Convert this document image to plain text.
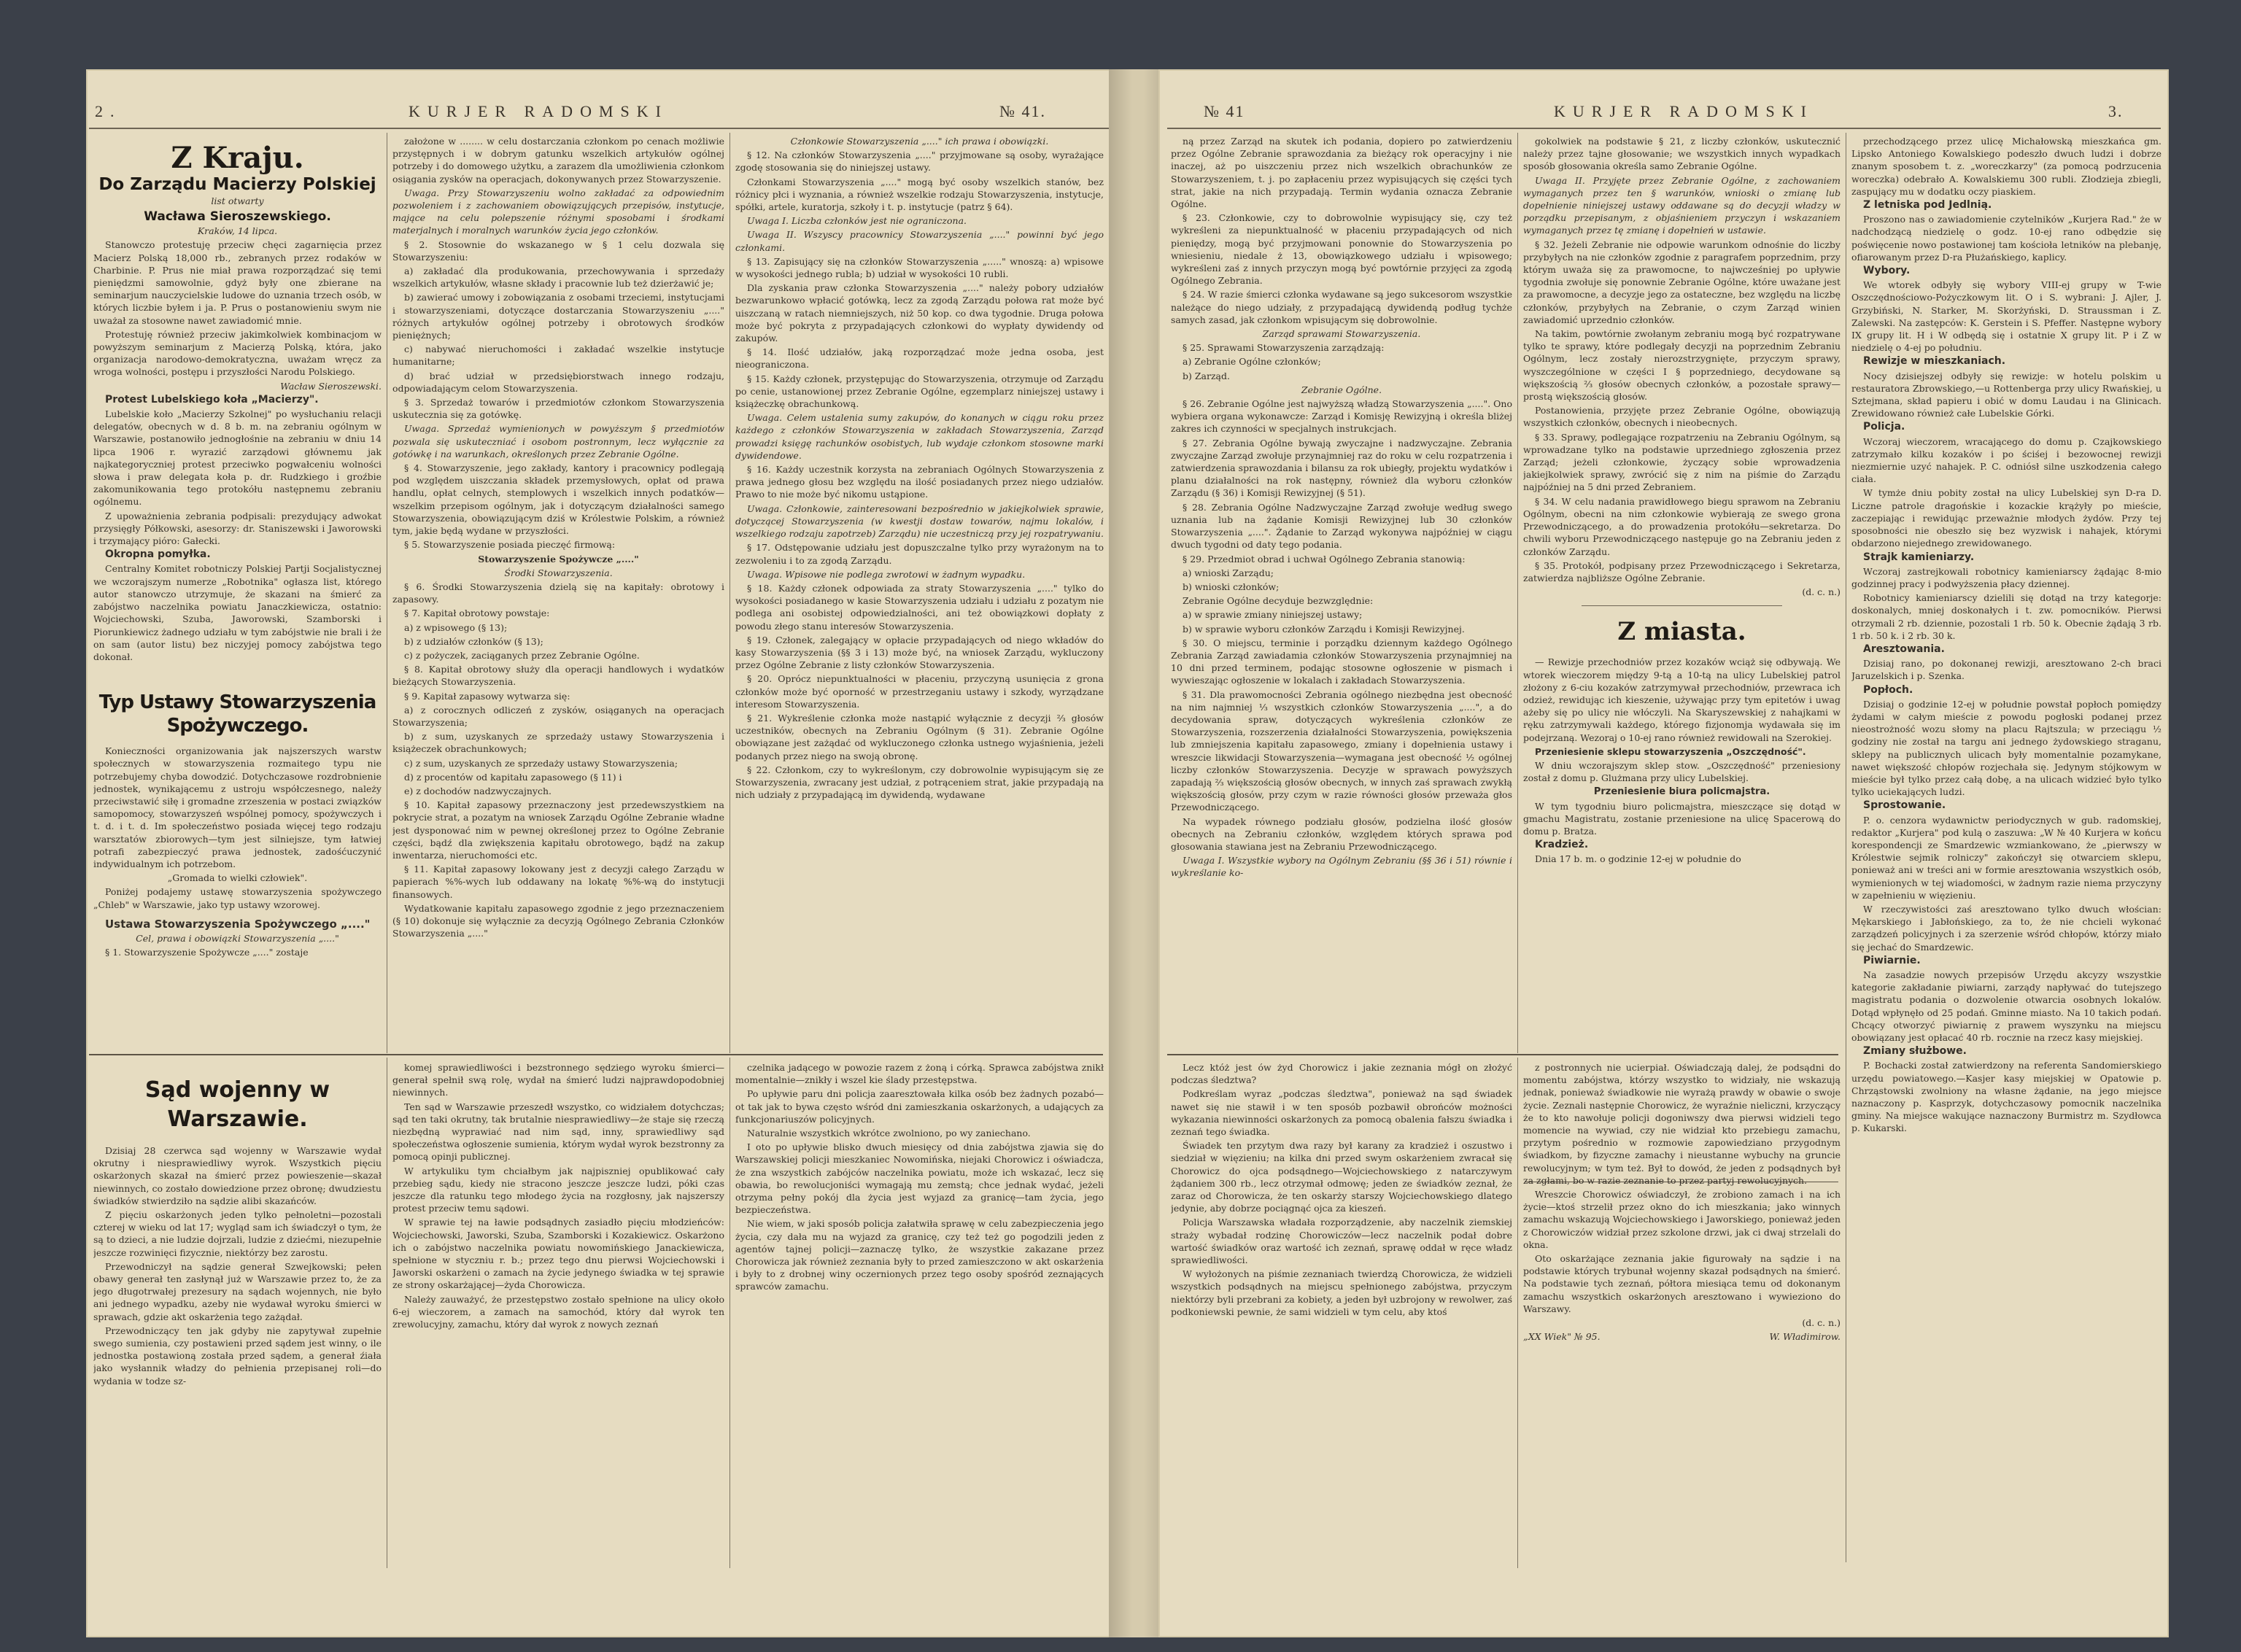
2.	KURJER RADOMSKI	№ 41.	№ 41	KURJER RADOMSKI	3.
Z Kraju.
Do Zarządu Macierzy Polskiej

list otwarty

Wacława Sieroszewskiego.

Kraków, 14 lipca.

Stanowczo protestuję przeciw chęci zagarnięcia przez Macierz Polską 18,000 rb., zebranych przez rodaków w Charbinie. P. Prus nie miał prawa rozporządzać się temi pieniędzmi samowolnie, gdyż były one zbierane na seminarjum nauczycielskie ludowe do uznania trzech osób, w których liczbie byłem i ja. P. Prus o postanowieniu swym nie uważał za stosowne nawet zawiadomić mnie.

Protestuję również przeciw jakimkolwiek kombinacjom w powyższym seminarjum z Macierzą Polską, która, jako organizacja narodowo-demokratyczna, uważam wręcz za wroga wolności, postępu i przyszłości Narodu Polskiego.

Wacław Sieroszewski.

Protest Lubelskiego koła „Macierzy".

Lubelskie koło „Macierzy Szkolnej" po wysłuchaniu relacji delegatów, obecnych w d. 8 b. m. na zebraniu ogólnym w Warszawie, postanowiło jednogłośnie na zebraniu w dniu 14 lipca 1906 r. wyrazić zarządowi głównemu jak najkategoryczniej protest przeciwko pogwałceniu wolności słowa i praw delegata koła p. dr. Rudzkiego i groźbie zakomunikowania tego protokółu następnemu zebraniu ogólnemu.

Z upoważnienia zebrania podpisali: prezydujący adwokat przysięgły Półkowski, asesorzy: dr. Staniszewski i Jaworowski i trzymający pióro: Gałecki.

Okropna pomyłka.

Centralny Komitet robotniczy Polskiej Partji Socjalistycznej we wczorajszym numerze „Robotnika" ogłasza list, którego autor stanowczo utrzymuje, że skazani na śmierć za zabójstwo naczelnika powiatu Janaczkiewicza, ostatnio: Wojciechowski, Szuba, Jaworowski, Szamborski i Piorunkiewicz żadnego udziału w tym zabójstwie nie brali i że on sam (autor listu) bez niczyjej pomocy zabójstwa tego dokonał.

Typ Ustawy Stowarzyszenia Spożywczego.

Konieczności organizowania jak najszerszych warstw społecznych w stowarzyszenia rozmaitego typu nie potrzebujemy chyba dowodzić. Dotychczasowe rozdrobnienie jednostek, wynikającemu z ustroju współczesnego, należy przeciwstawić siłę i gromadne zrzeszenia w postaci związków samopomocy, stowarzyszeń wspólnej pomocy, spożywczych i t. d. i t. d. Im społeczeństwo posiada więcej tego rodzaju warsztatów zbiorowych—tym jest silniejsze, tym łatwiej potrafi zabezpieczyć prawa jednostek, zadośćuczynić indywidualnym ich potrzebom.

„Gromada to wielki człowiek".

Poniżej podajemy ustawę stowarzyszenia spożywczego „Chleb" w Warszawie, jako typ ustawy wzorowej.

Ustawa Stowarzyszenia Spożywczego „...."

Cel, prawa i obowiązki Stowarzyszenia „...."

§ 1. Stowarzyszenie Spożywcze „...." zostaje

założone w ........ w celu dostarczania członkom po cenach możliwie przystępnych i w dobrym gatunku wszelkich artykułów ogólnej potrzeby i do domowego użytku, a zarazem dla umożliwienia członkom osiągania zysków na operacjach, dokonywanych przez Stowarzyszenie.

Uwaga. Przy Stowarzyszeniu wolno zakładać za odpowiednim pozwoleniem i z zachowaniem obowiązujących przepisów, instytucje, mające na celu polepszenie różnymi sposobami i środkami materjalnych i moralnych warunków życia jego członków.

§ 2. Stosownie do wskazanego w § 1 celu dozwala się Stowarzyszeniu:

a) zakładać dla produkowania, przechowywania i sprzedaży wszelkich artykułów, własne składy i pracownie lub też dzierżawić je;

b) zawierać umowy i zobowiązania z osobami trzeciemi, instytucjami i stowarzyszeniami, dotyczące dostarczania Stowarzyszeniu „...." różnych artykułów ogólnej potrzeby i obrotowych środków pieniężnych;

c) nabywać nieruchomości i zakładać wszelkie instytucje humanitarne;

d) brać udział w przedsiębiorstwach innego rodzaju, odpowiadającym celom Stowarzyszenia.

§ 3. Sprzedaż towarów i przedmiotów członkom Stowarzyszenia uskutecznia się za gotówkę.

Uwaga. Sprzedaż wymienionych w powyższym § przedmiotów pozwala się uskuteczniać i osobom postronnym, lecz wyłącznie za gotówkę i na warunkach, określonych przez Zebranie Ogólne.

§ 4. Stowarzyszenie, jego zakłady, kantory i pracownicy podlegają pod względem uiszczania składek przemysłowych, opłat od prawa handlu, opłat celnych, stemplowych i wszelkich innych podatków—wszelkim przepisom ogólnym, jak i dotyczącym działalności samego Stowarzyszenia, obowiązującym dziś w Królestwie Polskim, a również tym, jakie będą wydane w przyszłości.

§ 5. Stowarzyszenie posiada pieczęć firmową:

Stowarzyszenie Spożywcze „...."

Środki Stowarzyszenia.

§ 6. Środki Stowarzyszenia dzielą się na kapitały: obrotowy i zapasowy.

§ 7. Kapitał obrotowy powstaje:

a) z wpisowego (§ 13);

b) z udziałów członków (§ 13);

c) z pożyczek, zaciąganych przez Zebranie Ogólne.

§ 8. Kapitał obrotowy służy dla operacji handlowych i wydatków bieżących Stowarzyszenia.

§ 9. Kapitał zapasowy wytwarza się:

a) z corocznych odliczeń z zysków, osiąganych na operacjach Stowarzyszenia;

b) z sum, uzyskanych ze sprzedaży ustawy Stowarzyszenia i książeczek obrachunkowych;

c) z sum, uzyskanych ze sprzedaży ustawy Stowarzyszenia;

d) z procentów od kapitału zapasowego (§ 11) i

e) z dochodów nadzwyczajnych.

§ 10. Kapitał zapasowy przeznaczony jest przedewszystkiem na pokrycie strat, a pozatym na wniosek Zarządu Ogólne Zebranie władne jest dysponować nim w pewnej określonej przez to Ogólne Zebranie części, bądź dla zwiększenia kapitału obrotowego, bądź na zakup inwentarza, nieruchomości etc.

§ 11. Kapitał zapasowy lokowany jest z decyzji całego Zarządu w papierach %%-wych lub oddawany na lokatę %%-wą do instytucji finansowych.

Wydatkowanie kapitału zapasowego zgodnie z jego przeznaczeniem (§ 10) dokonuje się wyłącznie za decyzją Ogólnego Zebrania Członków Stowarzyszenia „...."

Członkowie Stowarzyszenia „...." ich prawa i obowiązki.

§ 12. Na członków Stowarzyszenia „...." przyjmowane są osoby, wyrażające zgodę stosowania się do niniejszej ustawy.

Członkami Stowarzyszenia „...." mogą być osoby wszelkich stanów, bez różnicy płci i wyznania, a również wszelkie rodzaju Stowarzyszenia, instytucje, spółki, artele, kuratorja, szkoły i t. p. instytucje (patrz § 64).

Uwaga I. Liczba członków jest nie ograniczona.

Uwaga II. Wszyscy pracownicy Stowarzyszenia „...." powinni być jego członkami.

§ 13. Zapisujący się na członków Stowarzyszenia „....." wnoszą: a) wpisowe w wysokości jednego rubla; b) udział w wysokości 10 rubli.

Dla zyskania praw członka Stowarzyszenia „...." należy pobory udziałów bezwarunkowo wpłacić gotówką, lecz za zgodą Zarządu połowa rat może być uiszczaną w ratach niemniejszych, niż 50 kop. co dwa tygodnie. Druga połowa może być pokryta z przypadających członkowi do wypłaty dywidendy od zakupów.

§ 14. Ilość udziałów, jaką rozporządzać może jedna osoba, jest nieograniczona.

§ 15. Każdy członek, przystępując do Stowarzyszenia, otrzymuje od Zarządu po cenie, ustanowionej przez Zebranie Ogólne, egzemplarz niniejszej ustawy i książeczkę obrachunkową.

Uwaga. Celem ustalenia sumy zakupów, do konanych w ciągu roku przez każdego z członków Stowarzyszenia w zakładach Stowarzyszenia, Zarząd prowadzi księgę rachunków osobistych, lub wydaje członkom stosowne marki dywidendowe.

§ 16. Każdy uczestnik korzysta na zebraniach Ogólnych Stowarzyszenia z prawa jednego głosu bez względu na ilość posiadanych przez niego udziałów. Prawo to nie może być nikomu ustąpione.

Uwaga. Członkowie, zainteresowani bezpośrednio w jakiejkolwiek sprawie, dotyczącej Stowarzyszenia (w kwestji dostaw towarów, najmu lokalów, i wszelkiego rodzaju zapotrzeb) Zarządu) nie uczestniczą przy jej rozpatrywaniu.

§ 17. Odstępowanie udziału jest dopuszczalne tylko przy wyrażonym na to zezwoleniu i to za zgodą Zarządu.

Uwaga. Wpisowe nie podlega zwrotowi w żadnym wypadku.

§ 18. Każdy członek odpowiada za straty Stowarzyszenia „...." tylko do wysokości posiadanego w kasie Stowarzyszenia udziału i udziału z pozatym nie podlega ani osobistej odpowiedzialności, ani też obowiązkowi dopłaty z powodu złego stanu interesów Stowarzyszenia.

§ 19. Członek, zalegający w opłacie przypadających od niego wkładów do kasy Stowarzyszenia (§§ 3 i 13) może być, na wniosek Zarządu, wykluczony przez Ogólne Zebranie z listy członków Stowarzyszenia.

§ 20. Oprócz niepunktualności w płaceniu, przyczyną usunięcia z grona członków może być oporność w przestrzeganiu ustawy i szkody, wyrządzane interesom Stowarzyszenia.

§ 21. Wykreślenie członka może nastąpić wyłącznie z decyzji ⅔ głosów uczestników, obecnych na Zebraniu Ogólnym (§ 31). Zebranie Ogólne obowiązane jest zażądać od wykluczonego członka ustnego wyjaśnienia, jeżeli podanych przez niego na swoją obronę.

§ 22. Członkom, czy to wykreślonym, czy dobrowolnie wypisującym się ze Stowarzyszenia, zwracany jest udział, z potrąceniem strat, jakie przypadają na nich udziały z przypadającą im dywidendą, wydawane

Sąd wojenny w Warszawie.

Dzisiaj 28 czerwca sąd wojenny w Warszawie wydał okrutny i niesprawiedliwy wyrok. Wszystkich pięciu oskarżonych skazał na śmierć przez powieszenie—skazał niewinnych, co zostało dowiedzione przez obronę; dwudziestu świadków stwierdziło na sądzie alibi skazańców.

Z pięciu oskarżonych jeden tylko pełnoletni—pozostali czterej w wieku od lat 17; wygląd sam ich świadczył o tym, że są to dzieci, a nie ludzie dojrzali, ludzie z dziećmi, niezupełnie jeszcze rozwinięci fizycznie, niektórzy bez zarostu.

Przewodniczył na sądzie generał Szwejkowski; pełen obawy generał ten zasłynął już w Warszawie przez to, że za jego długotrwałej prezesury na sądach wojennych, nie było ani jednego wypadku, azeby nie wydawał wyroku śmierci w sprawach, gdzie akt oskarżenia tego zażądał.

Przewodniczący ten jak gdyby nie zapytywał zupełnie swego sumienia, czy postawieni przed sądem jest winny, o ile jednostka postawioną została przed sądem, a generał źiała jako wysłannik władzy do pełnienia przepisanej roli—do wydania w todze sz-

komej sprawiedliwości i bezstronnego sędziego wyroku śmierci—generał spełnił swą rolę, wydał na śmierć ludzi najprawdopodobniej niewinnych.

Ten sąd w Warszawie przeszedł wszystko, co widziałem dotychczas; sąd ten taki okrutny, tak brutalnie niesprawiedliwy—że staje się rzeczą niezbędną wyprawiać nad nim sąd, inny, sprawiedliwy sąd społeczeństwa ogłoszenie sumienia, którym wydał wyrok bezstronny za pomocą opinji publicznej.

W artykuliku tym chciałbym jak najpiszniej opublikować cały przebieg sądu, kiedy nie stracono jeszcze jeszcze ludzi, póki czas jeszcze dla ratunku tego młodego życia na rozgłosny, jak najszerszy protest przeciw temu sądowi.

W sprawie tej na ławie podsądnych zasiadło pięciu młodzieńców: Wojciechowski, Jaworski, Szuba, Szamborski i Kozakiewicz. Oskarżono ich o zabójstwo naczelnika powiatu nowomińskiego Janackiewicza, spełnione w styczniu r. b.; przez tego dnu pierwsi Wojciechowski i Jaworski oskarżeni o zamach na życie jedynego świadka w tej sprawie ze strony oskarżającej—żyda Chorowicza.

Należy zauważyć, że przestępstwo zostało spełnione na ulicy około 6-ej wieczorem, a zamach na samochód, który dał wyrok ten zrewolucyjny, zamachu, który dał wyrok z nowych zeznań

czelnika jadącego w powozie razem z żoną i córką. Sprawca zabójstwa znikł momentalnie—znikły i wszel kie ślady przestępstwa.

Po upływie paru dni policja zaaresztowała kilka osób bez żadnych pozabó—ot tak jak to bywa często wśród dni zamieszkania oskarżonych, a udających za funkcjonariuszów policyjnych.

Naturalnie wszystkich wkrótce zwolniono, po wy zaniechano.

I oto po upływie blisko dwuch miesięcy od dnia zabójstwa zjawia się do Warszawskiej policji mieszkaniec Nowomińska, niejaki Chorowicz i oświadcza, że zna wszystkich zabójców naczelnika powiatu, może ich wskazać, lecz się obawia, bo rewolucjoniści wymagają mu zemstą; chce jednak wydać, jeżeli otrzyma pełny pokój dla życia jest wyjazd za granicę—tam życia, jego bezpieczeństwa.

Nie wiem, w jaki sposób policja załatwiła sprawę w celu zabezpieczenia jego życia, czy dała mu na wyjazd za granicę, czy też też go pogodzili jeden z agentów tajnej policji—zaznaczę tylko, że wszystkie zakazane przez Chorowicza jak również zeznania były to przed zamieszczono w akt oskarżenia i były to z drobnej winy oczernionych przez tego osoby spośród zeznających sprawców zamachu.

ną przez Zarząd na skutek ich podania, dopiero po zatwierdzeniu przez Ogólne Zebranie sprawozdania za bieżący rok operacyjny i nie inaczej, aż po uiszczeniu przez nich wszelkich obrachunków ze Stowarzyszeniem, t. j. po zapłaceniu przez wypisujących się części tych strat, jakie na nich przypadają. Termin wydania oznacza Zebranie Ogólne.

§ 23. Członkowie, czy to dobrowolnie wypisujący się, czy też wykreśleni za niepunktualność w płaceniu przypadających od nich pieniędzy, mogą być przyjmowani ponownie do Stowarzyszenia po wniesieniu, niedale ż 13, obowiązkowego udziału i wpisowego; wykreśleni zaś z innych przyczyn mogą być powtórnie przyjęci za zgodą Ogólnego Zebrania.

§ 24. W razie śmierci członka wydawane są jego sukcesorom wszystkie należące do niego udziały, z przypadającą dywidendą podług tychże samych zasad, jak członkom wpisującym się dobrowolnie.

Zarząd sprawami Stowarzyszenia.

§ 25. Sprawami Stowarzyszenia zarządzają:

a) Zebranie Ogólne członków;

b) Zarząd.

Zebranie Ogólne.

§ 26. Zebranie Ogólne jest najwyższą władzą Stowarzyszenia „....". Ono wybiera organa wykonawcze: Zarząd i Komisję Rewizyjną i określa bliżej zakres ich czynności w specjalnych instrukcjach.

§ 27. Zebrania Ogólne bywają zwyczajne i nadzwyczajne. Zebrania zwyczajne Zarząd zwołuje przynajmniej raz do roku w celu rozpatrzenia i zatwierdzenia sprawozdania i bilansu za rok ubiegły, projektu wydatków i planu działalności na rok następny, również dla wyboru członków Zarządu (§ 36) i Komisji Rewizyjnej (§ 51).

§ 28. Zebrania Ogólne Nadzwyczajne Zarząd zwołuje według swego uznania lub na żądanie Komisji Rewizyjnej lub 30 członków Stowarzyszenia „....". Żądanie to Zarząd wykonywa najpóźniej w ciągu dwuch tygodni od daty tego podania.

§ 29. Przedmiot obrad i uchwał Ogólnego Zebrania stanowią:

a) wnioski Zarządu;

b) wnioski członków;

Zebranie Ogólne decyduje bezwzględnie:

a) w sprawie zmiany niniejszej ustawy;

b) w sprawie wyboru członków Zarządu i Komisji Rewizyjnej.

§ 30. O miejscu, terminie i porządku dziennym każdego Ogólnego Zebrania Zarząd zawiadamia członków Stowarzyszenia przynajmniej na 10 dni przed terminem, podając stosowne ogłoszenie w pismach i wywieszając ogłoszenie w lokalach i zakładach Stowarzyszenia.

§ 31. Dla prawomocności Zebrania ogólnego niezbędna jest obecność na nim najmniej ⅓ wszystkich członków Stowarzyszenia „....", a do decydowania spraw, dotyczących wykreślenia członków ze Stowarzyszenia, rozszerzenia działalności Stowarzyszenia, powiększenia lub zmniejszenia kapitału zapasowego, zmiany i dopełnienia ustawy i wreszcie likwidacji Stowarzyszenia—wymagana jest obecność ½ ogólnej liczby członków Stowarzyszenia. Decyzje w sprawach powyższych zapadają ⅔ większością głosów obecnych, w innych zaś sprawach zwykłą większością głosów, przy czym w razie równości głosów przeważa głos Przewodniczącego.

Na wypadek równego podziału głosów, podzielna ilość głosów obecnych na Zebraniu członków, względem których sprawa pod głosowania stawiana jest na Zebraniu Przewodniczącego.

Uwaga I. Wszystkie wybory na Ogólnym Zebraniu (§§ 36 i 51) równie i wykreślanie ko-

gokolwiek na podstawie § 21, z liczby członków, uskutecznić należy przez tajne głosowanie; we wszystkich innych wypadkach sposób głosowania określa samo Zebranie Ogólne.

Uwaga II. Przyjęte przez Zebranie Ogólne, z zachowaniem wymaganych przez ten § warunków, wnioski o zmianę lub dopełnienie niniejszej ustawy oddawane są do decyzji władzy w porządku przepisanym, z objaśnieniem przyczyn i wskazaniem wymaganych przez tę zmianę i dopełnień w ustawie.

§ 32. Jeżeli Zebranie nie odpowie warunkom odnośnie do liczby przybyłych na nie członków zgodnie z paragrafem poprzednim, przy którym uważa się za prawomocne, to najwcześniej po upływie tygodnia zwołuje się ponownie Zebranie Ogólne, które uważane jest za prawomocne, a decyzje jego za ostateczne, bez względu na liczbę członków, przybyłych na Zebranie, o czym Zarząd winien zawiadomić uprzednio członków.

Na takim, powtórnie zwołanym zebraniu mogą być rozpatrywane tylko te sprawy, które podlegały decyzji na poprzednim Zebraniu Ogólnym, lecz zostały nierozstrzygnięte, przyczym sprawy, wyszczególnione w części I § poprzedniego, decydowane są większością ⅔ głosów obecnych członków, a pozostałe sprawy—prostą większością głosów.

Postanowienia, przyjęte przez Zebranie Ogólne, obowiązują wszystkich członków, obecnych i nieobecnych.

§ 33. Sprawy, podlegające rozpatrzeniu na Zebraniu Ogólnym, są wprowadzane tylko na podstawie uprzedniego zgłoszenia przez Zarząd; jeżeli członkowie, życzący sobie wprowadzenia jakiejkolwiek sprawy, zwrócić się z nim na piśmie do Zarządu najpóźniej na 5 dni przed Zebraniem.

§ 34. W celu nadania prawidłowego biegu sprawom na Zebraniu Ogólnym, obecni na nim członkowie wybierają ze swego grona Przewodniczącego, a do prowadzenia protokółu—sekretarza. Do chwili wyboru Przewodniczącego następuje go na Zebraniu jeden z członków Zarządu.

§ 35. Protokół, podpisany przez Przewodniczącego i Sekretarza, zatwierdza najbliższe Ogólne Zebranie.

(d. c. n.)

Z miasta.

— Rewizje przechodniów przez kozaków wciąż się odbywają. We wtorek wieczorem między 9-tą a 10-tą na ulicy Lubelskiej patrol złożony z 6-ciu kozaków zatrzymywał przechodniów, przewraca ich odzież, rewidując ich kieszenie, używając przy tym epitetów i uwag ażeby się po ulicy nie włóczyli. Na Skaryszewskiej z nahajkami w ręku zatrzymywali każdego, którego fizjonomja wydawała się im podejrzaną. Wezoraj o 10-ej rano również rewidowali na Szerokiej.

Przeniesienie sklepu stowarzyszenia „Oszczędność".

W dniu wczorajszym sklep stow. „Oszczędność" przeniesiony został z domu p. Glużmana przy ulicy Lubelskiej.

Przeniesienie biura policmajstra.

W tym tygodniu biuro policmajstra, mieszczące się dotąd w gmachu Magistratu, zostanie przeniesione na ulicę Spacerową do domu p. Bratza.

Kradzież.

Dnia 17 b. m. o godzinie 12-ej w południe do

przechodzącego przez ulicę Michałowską mieszkańca gm. Lipsko Antoniego Kowalskiego podeszło dwuch ludzi i dobrze znanym sposobem t. z. „woreczkarzy" (za pomocą podrzucenia woreczka) odebrało A. Kowalskiemu 300 rubli. Złodzieja zbiegli, zaspujący mu w dodatku oczy piaskiem.

Z letniska pod Jedlnią.

Proszono nas o zawiadomienie czytelników „Kurjera Rad." że w nadchodzącą niedzielę o godz. 10-ej rano odbędzie się poświęcenie nowo postawionej tam kościoła letników na plebanję, ofiarowanym przez D-ra Płużańskiego, kaplicy.

Wybory.

We wtorek odbyły się wybory VIII-ej grupy w T-wie Oszczędnościowo-Pożyczkowym lit. O i S. wybrani: J. Ajler, J. Grzybiński, N. Starker, M. Skorżyński, D. Straussman i Z. Zalewski. Na zastępców: K. Gerstein i S. Pfeffer. Następne wybory IX grupy lit. H i W odbędą się i ostatnie X grupy lit. P i Z w niedzielę o 4-ej po południu.

Rewizje w mieszkaniach.

Nocy dzisiejszej odbyły się rewizje: w hotelu polskim u restauratora Zbrowskiego,—u Rottenberga przy ulicy Rwańskiej, u Sztejmana, skład papieru i obić w domu Laudau i na Glinicach. Zrewidowano również całe Lubelskie Górki.

Policja.

Wczoraj wieczorem, wracającego do domu p. Czajkowskiego zatrzymało kilku kozaków i po ściśej i bezowocnej rewizji niezmiernie uzyć nahajek. P. C. odniósł silne uszkodzenia całego ciała.

W tymże dniu pobity został na ulicy Lubelskiej syn D-ra D. Liczne patrole dragońskie i kozackie krążyły po mieście, zaczepiając i rewidując przeważnie młodych żydów. Przy tej sposobności nie obeszło się bez wyzwisk i nahajek, którymi obdarzono niejednego zrewidowanego.

Strajk kamieniarzy.

Wczoraj zastrejkowali robotnicy kamieniarscy żądając 8-mio godzinnej pracy i podwyższenia płacy dziennej.

Robotnicy kamieniarscy dzielili się dotąd na trzy kategorje: doskonalych, mniej doskonałych i t. zw. pomocników. Pierwsi otrzymali 2 rb. dziennie, pozostali 1 rb. 50 k. Obecnie żądają 3 rb. 1 rb. 50 k. i 2 rb. 30 k.

Aresztowania.

Dzisiaj rano, po dokonanej rewizji, aresztowano 2-ch braci Jaruzelskich i p. Szenka.

Popłoch.

Dzisiaj o godzinie 12-ej w południe powstał popłoch pomiędzy żydami w całym mieście z powodu pogłoski podanej przez nieostrożność wozu słomy na placu Rajtszula; w przeciągu ½ godziny nie został na targu ani jednego żydowskiego straganu, sklepy na publicznych ulicach były momentalnie pozamykane, nawet większość chłopów rozjechała się. Jedynym stójkowym w mieście był tylko przez całą dobę, a na ulicach widzieć było tylko tylko uciekających ludzi.

Sprostowanie.

P. o. cenzora wydawnictw periodycznych w gub. radomskiej, redaktor „Kurjera" pod kulą o zaszuwa: „W № 40 Kurjera w końcu korespondencji ze Smardzewic wzmiankowano, że „pierwszy w Królestwie sejmik rolniczy" zakończył się otwarciem sklepu, ponieważ ani w treści ani w formie aresztowania wszystkich osób, wymienionych w tej wiadomości, w żadnym razie niema przyczyny w zapełnieniu w więzieniu.

W rzeczywistości zaś aresztowano tylko dwuch włościan: Mękarskiego i Jabłońskiego, za to, że nie chcieli wykonać zarządzeń policyjnych i za szerzenie wśród chłopów, którzy miało się jechać do Smardzewic.

Piwiarnie.

Na zasadzie nowych przepisów Urzędu akcyzy wszystkie kategorie zakładanie piwiarni, zarządy napływać do tutejszego magistratu podania o dozwolenie otwarcia osobnych lokalów. Dotąd wpłynęło od 25 podań. Gminne miasto. Na 10 takich podań. Chcący otworzyć piwiarnię z prawem wyszynku na miejscu obowiązany jest opłacać 40 rb. rocznie na rzecz kasy miejskiej.

Zmiany służbowe.

P. Bochacki został zatwierdzony na referenta Sandomierskiego urzędu powiatowego.—Kasjer kasy miejskiej w Opatowie p. Chrząstowski zwolniony na własne żądanie, na jego miejsce naznaczony p. Kasprzyk, dotychczasowy pomocnik naczelnika gminy. Na miejsce wakujące naznaczony Burmistrz m. Szydłowca p. Kukarski.

Lecz któż jest ów żyd Chorowicz i jakie zeznania mógł on złożyć podczas śledztwa?

Podkreślam wyraz „podczas śledztwa", ponieważ na sąd świadek nawet się nie stawił i w ten sposób pozbawił obrońców możności wykazania niewinności oskarżonych za pomocą obalenia fałszu świadka i zeznań tego świadka.

Świadek ten przytym dwa razy był karany za kradzież i oszustwo i siedział w więzieniu; na kilka dni przed swym oskarżeniem zwracał się Chorowicz do ojca podsądnego—Wojciechowskiego z natarczywym żądaniem 300 rb., lecz otrzymał odmowę; jeden ze świadków zeznał, że zaraz od Chorowicza, że ten oskarży starszy Wojciechowskiego dlatego jedynie, aby dobrze pociągnąć ojca za kieszeń.

Policja Warszawska władała rozporządzenie, aby naczelnik ziemskiej straży wybadał rodzinę Chorowiczów—lecz naczelnik podał dobre wartość świadków oraz wartość ich zeznań, sprawę oddał w ręce władz sprawiedliwości.

W wyłożonych na piśmie zeznaniach twierdzą Chorowicza, że widzieli wszystkich podsądnych na miejscu spełnionego zabójstwa, przyczym niektórzy byli przebrani za kobiety, a jeden był uzbrojony w rewolwer, zaś podkoniewski pewnie, że sami widzieli w tym celu, aby ktoś

z postronnych nie ucierpiał. Oświadczają dalej, że podsądni do momentu zabójstwa, którzy wszystko to widziały, nie wskazują jednak, ponieważ świadkowie nie wyrażą prawdy w obawie o swoje życie. Zeznali następnie Chorowicz, że wyraźnie nieliczni, krzyczący że to kto nawołuje policji dogoniwszy dwa pierwsi widzieli tego momencie na wywiad, czy nie widział kto przebiegu zamachu, przytym pośrednio w rozmowie zapowiedziano przygodnym świadkom, by fizyczne zamachy i nieustanne wybuchy na gruncie rewolucyjnym; w tym też. Był to dowód, że jeden z podsądnych był za zgłami, bo w razie zeznanie to przez partyj rewolucyjnych.

Wreszcie Chorowicz oświadczył, że zrobiono zamach i na ich życie—ktoś strzelił przez okno do ich mieszkania; jako winnych zamachu wskazują Wojciechowskiego i Jaworskiego, ponieważ jeden z Chorowiczów widział przez szkolone drzwi, jak ci dwaj strzelali do okna.

Oto oskarżające zeznania jakie figurowały na sądzie i na podstawie których trybunał wojenny skazał podsądnych na śmierć. Na podstawie tych zeznań, półtora miesiąca temu od dokonanym zamachu wszystkich oskarżonych aresztowano i wywieziono do Warszawy.

(d. c. n.)

„XX Wiek" № 95.	W. Władimirow.
